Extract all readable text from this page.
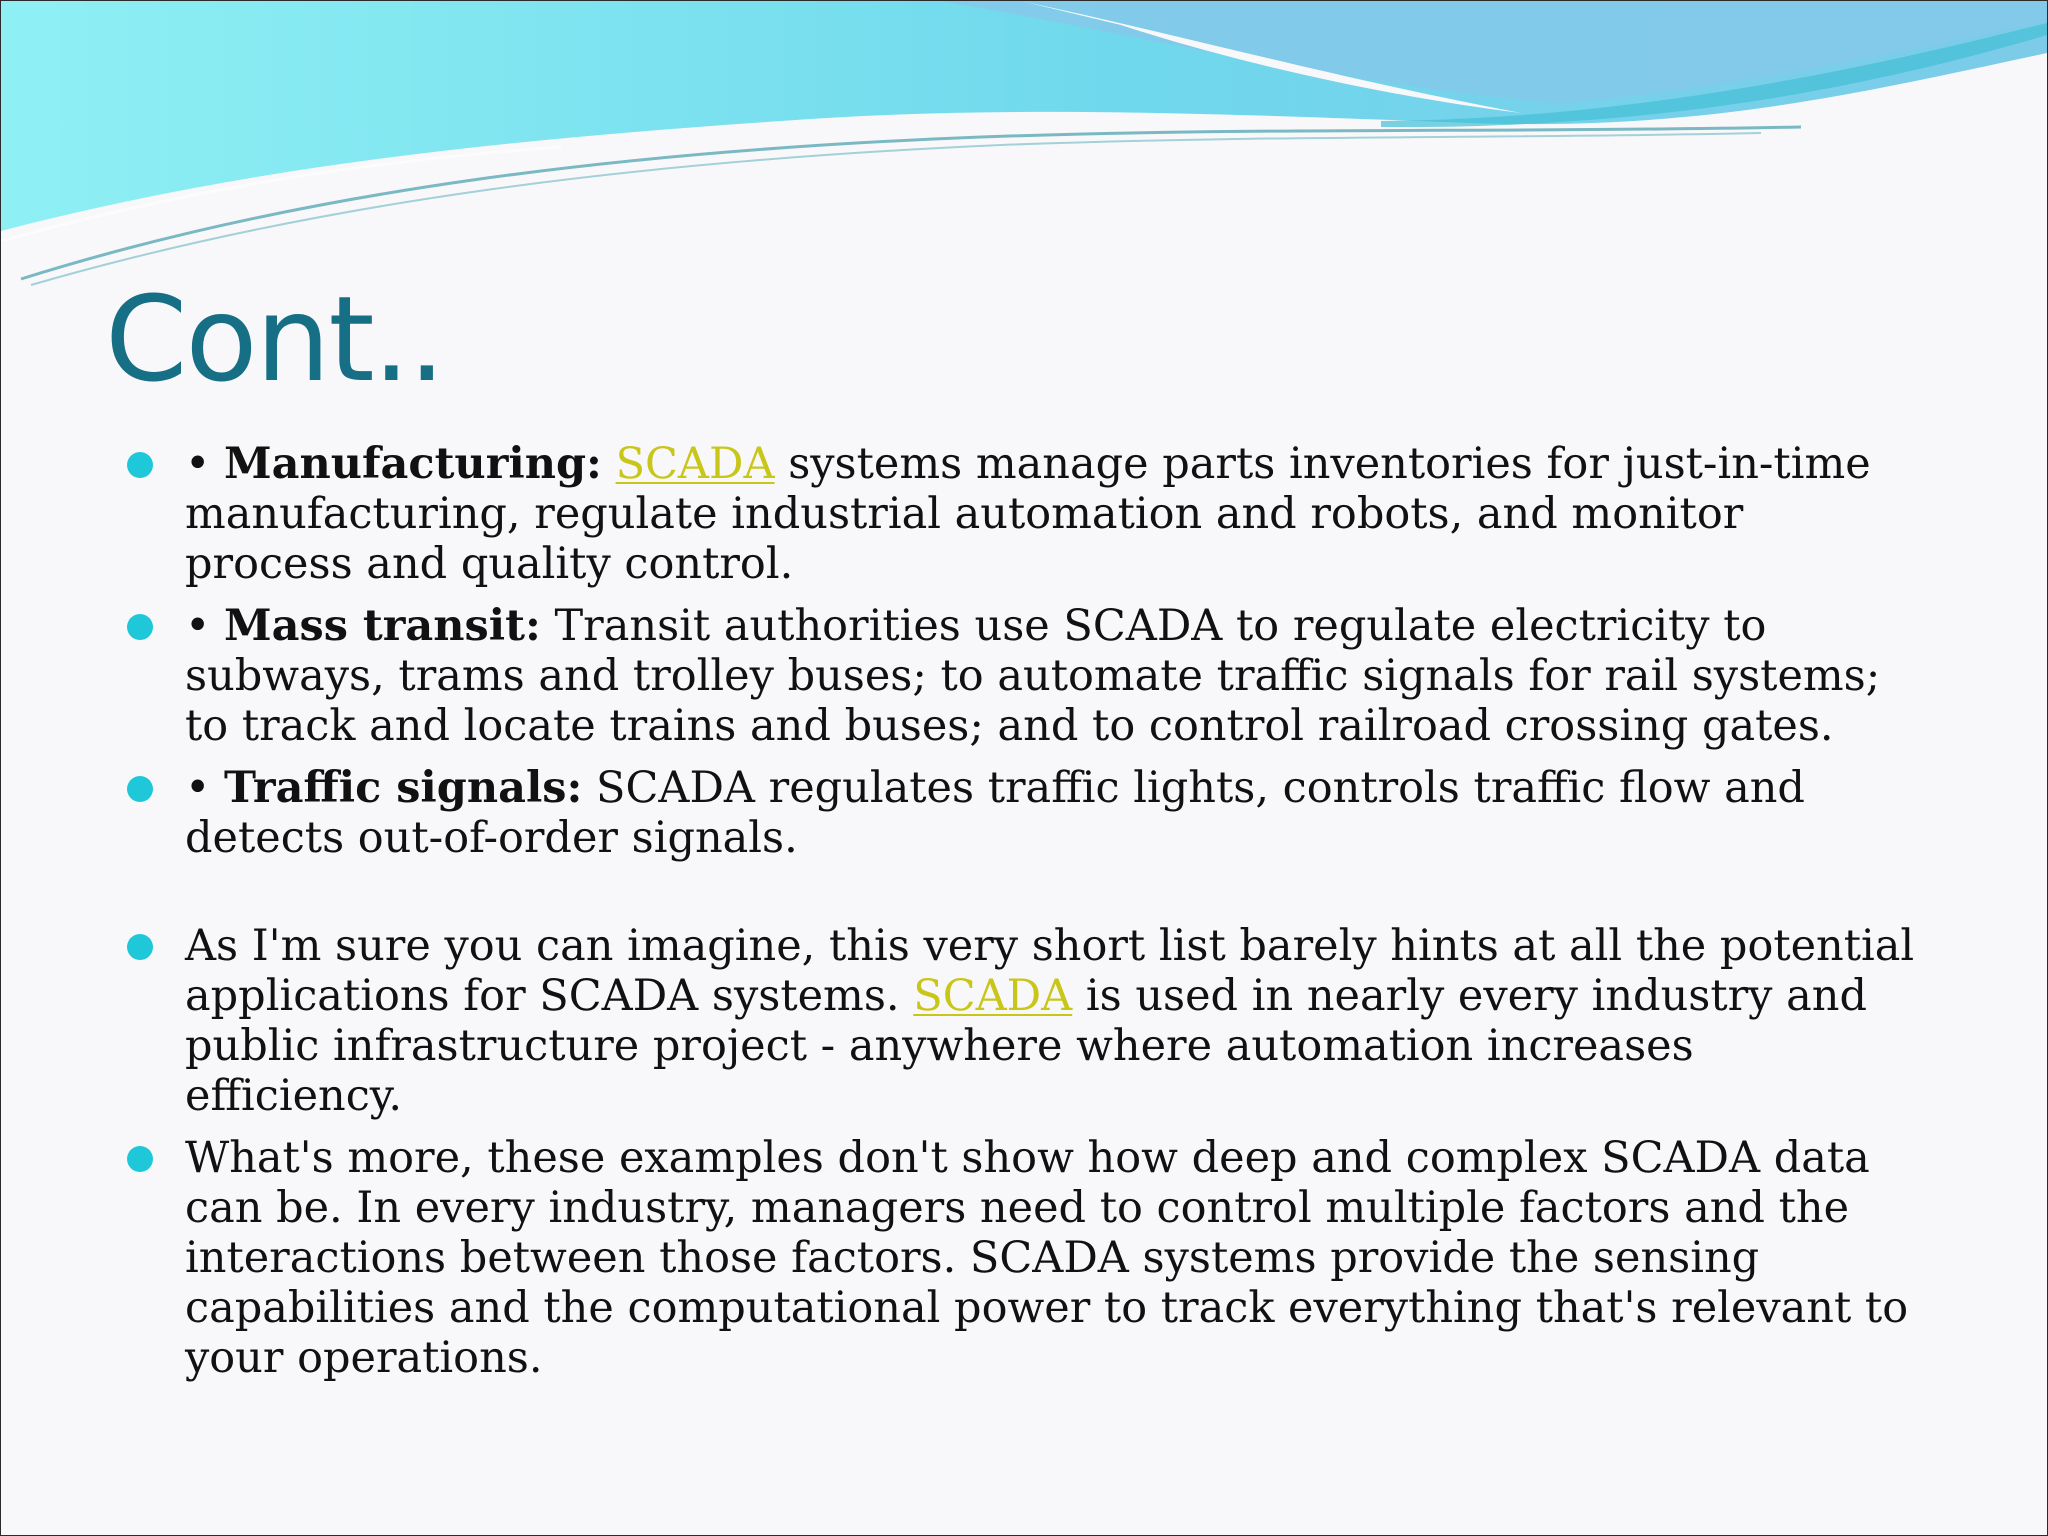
Cont..
• Manufacturing: SCADA systems manage parts inventories for just-in-time manufacturing, regulate industrial automation and robots, and monitor process and quality control.
• Mass transit: Transit authorities use SCADA to regulate electricity to subways, trams and trolley buses; to automate traffic signals for rail systems; to track and locate trains and buses; and to control railroad crossing gates.
• Traffic signals: SCADA regulates traffic lights, controls traffic flow and detects out-of-order signals.
As I'm sure you can imagine, this very short list barely hints at all the potential applications for SCADA systems. SCADA is used in nearly every industry and public infrastructure project - anywhere where automation increases efficiency.
What's more, these examples don't show how deep and complex SCADA data can be. In every industry, managers need to control multiple factors and the interactions between those factors. SCADA systems provide the sensing capabilities and the computational power to track everything that's relevant to your operations.
